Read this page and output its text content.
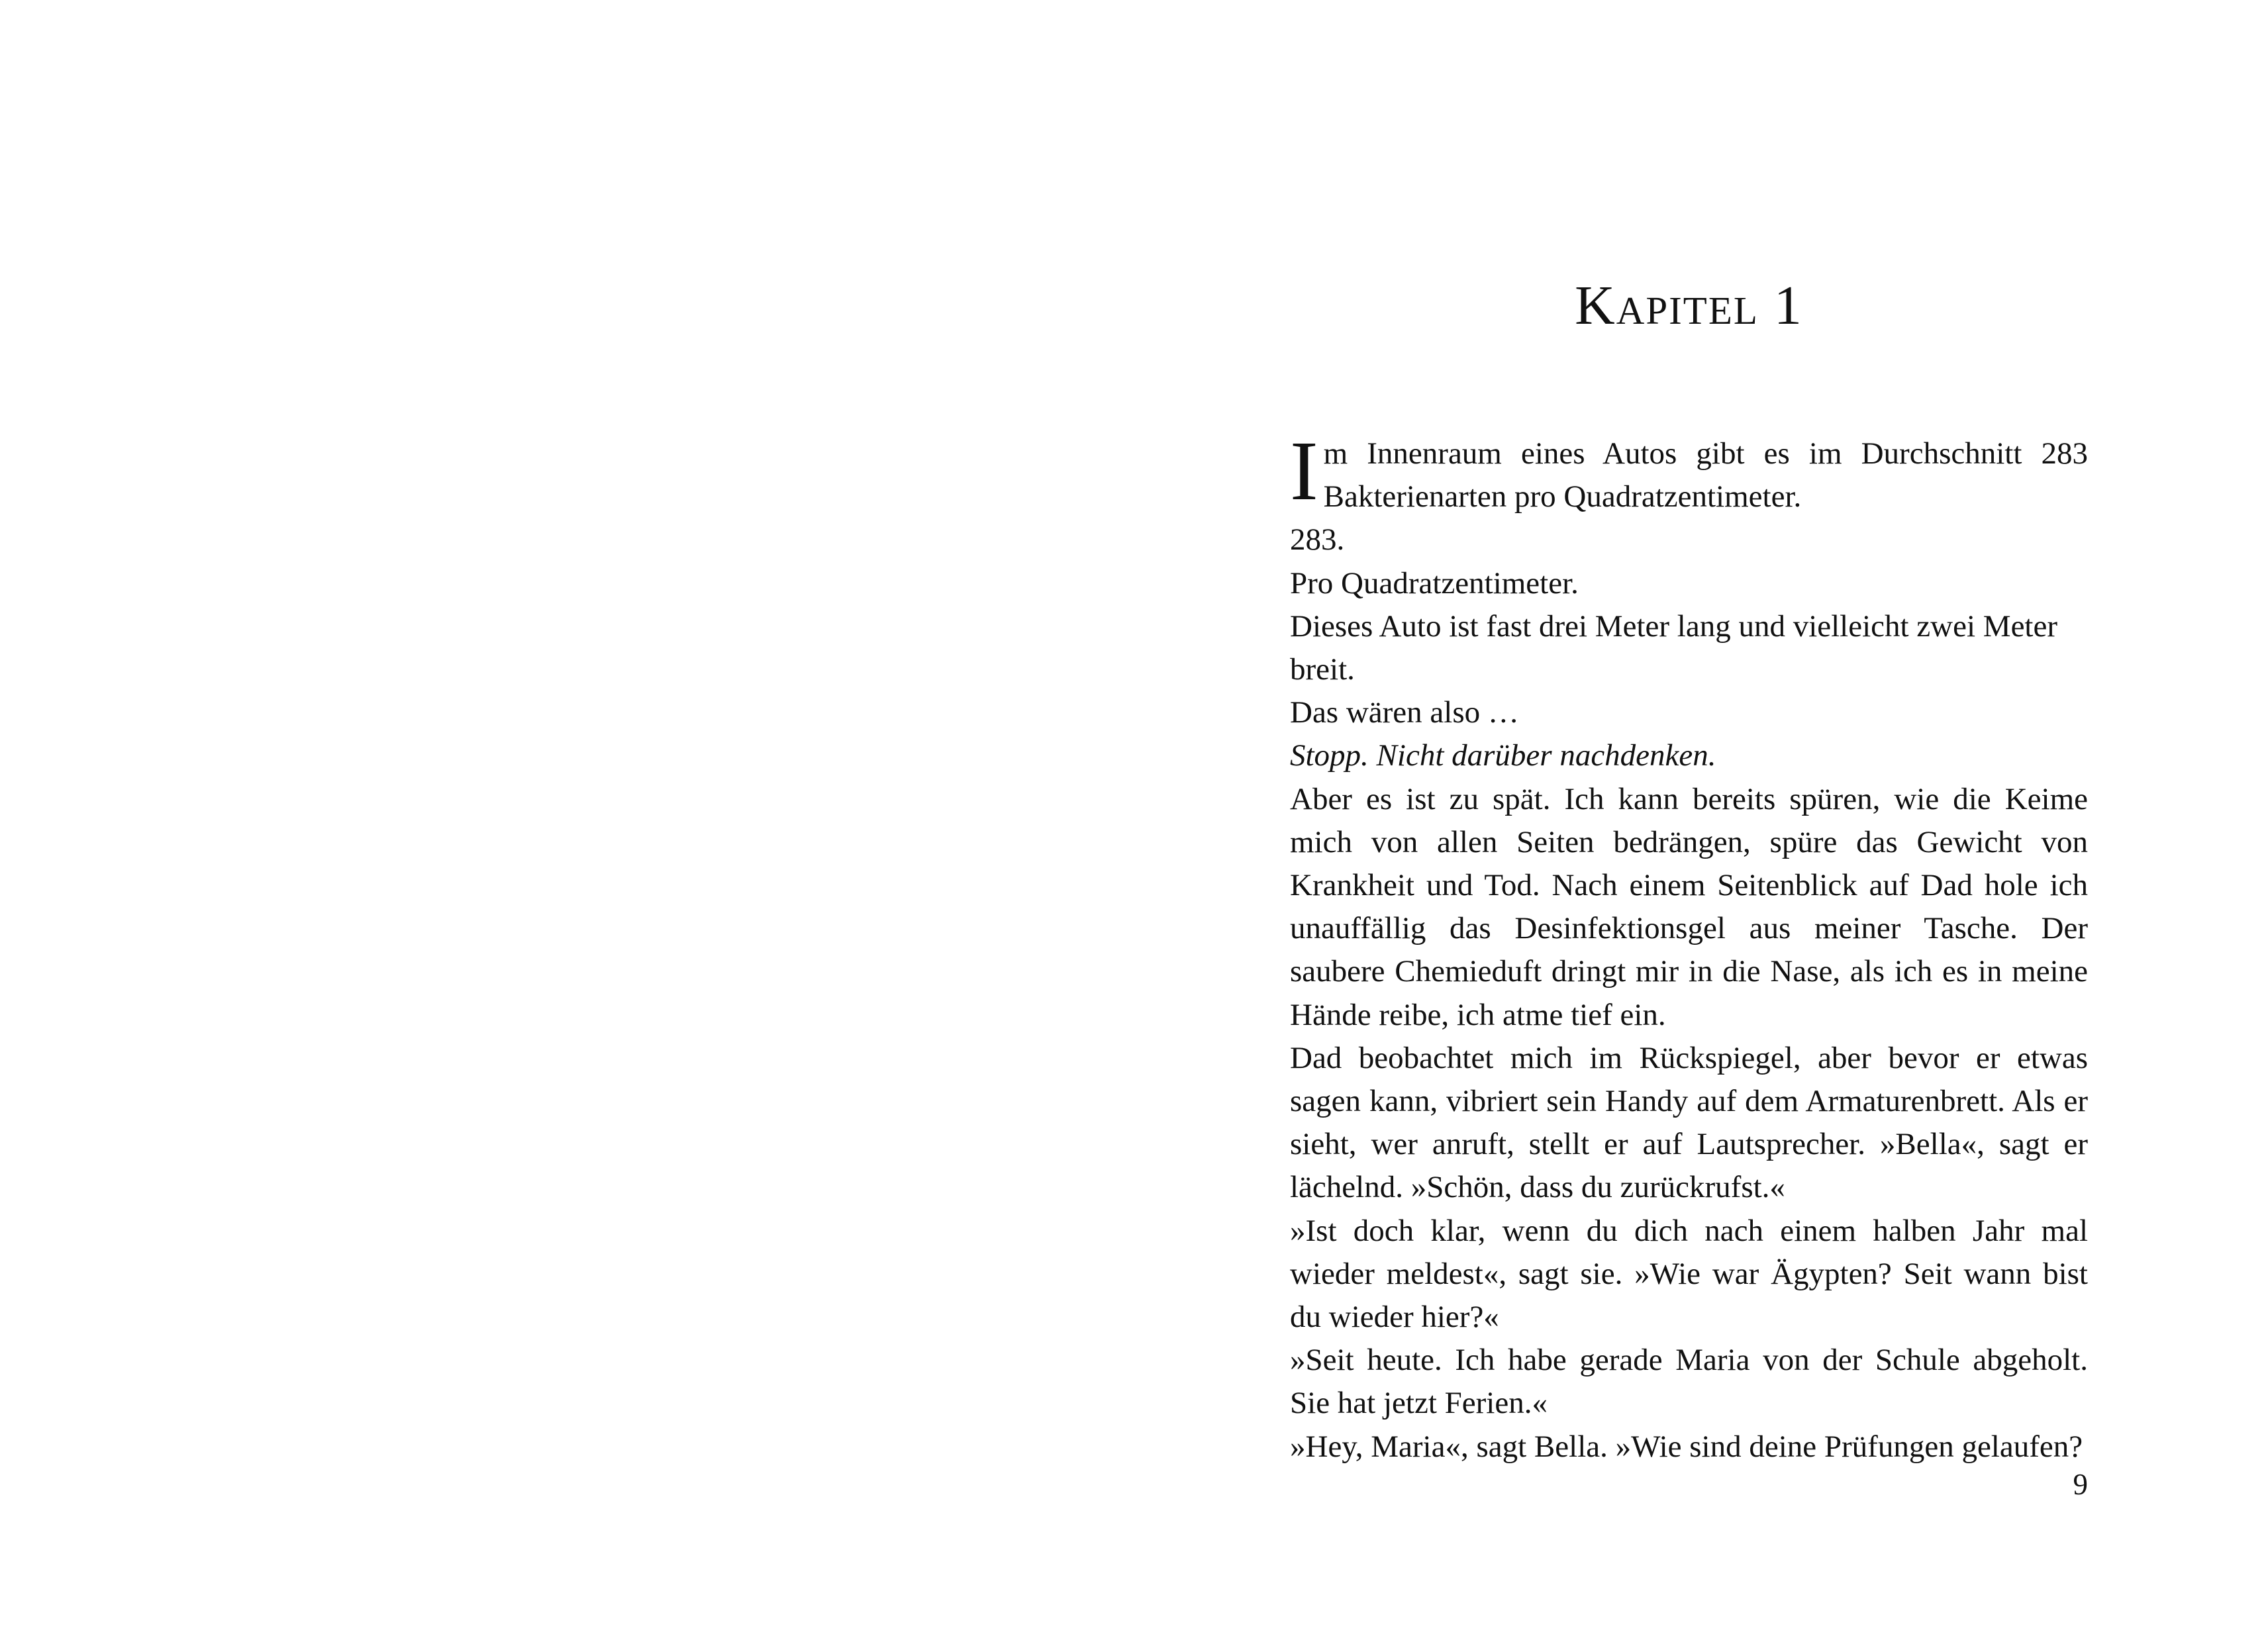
Kapitel 1

Im Innenraum eines Autos gibt es im Durchschnitt 283 Bakterienarten pro Quadratzentimeter.

283.

Pro Quadratzentimeter.

Dieses Auto ist fast drei Meter lang und vielleicht zwei Meter breit.

Das wären also …

Stopp. Nicht darüber nachdenken.

Aber es ist zu spät. Ich kann bereits spüren, wie die Keime mich von allen Seiten bedrängen, spüre das Gewicht von Krankheit und Tod. Nach einem Seitenblick auf Dad hole ich unauffällig das Desinfektionsgel aus meiner Tasche. Der saubere Chemieduft dringt mir in die Nase, als ich es in meine Hände reibe, ich atme tief ein.

Dad beobachtet mich im Rückspiegel, aber bevor er etwas sagen kann, vibriert sein Handy auf dem Armaturenbrett. Als er sieht, wer anruft, stellt er auf Lautsprecher. »Bella«, sagt er lächelnd. »Schön, dass du zurückrufst.«

»Ist doch klar, wenn du dich nach einem halben Jahr mal wieder meldest«, sagt sie. »Wie war Ägypten? Seit wann bist du wieder hier?«

»Seit heute. Ich habe gerade Maria von der Schule abgeholt. Sie hat jetzt Ferien.«

»Hey, Maria«, sagt Bella. »Wie sind deine Prüfungen gelaufen?

9
